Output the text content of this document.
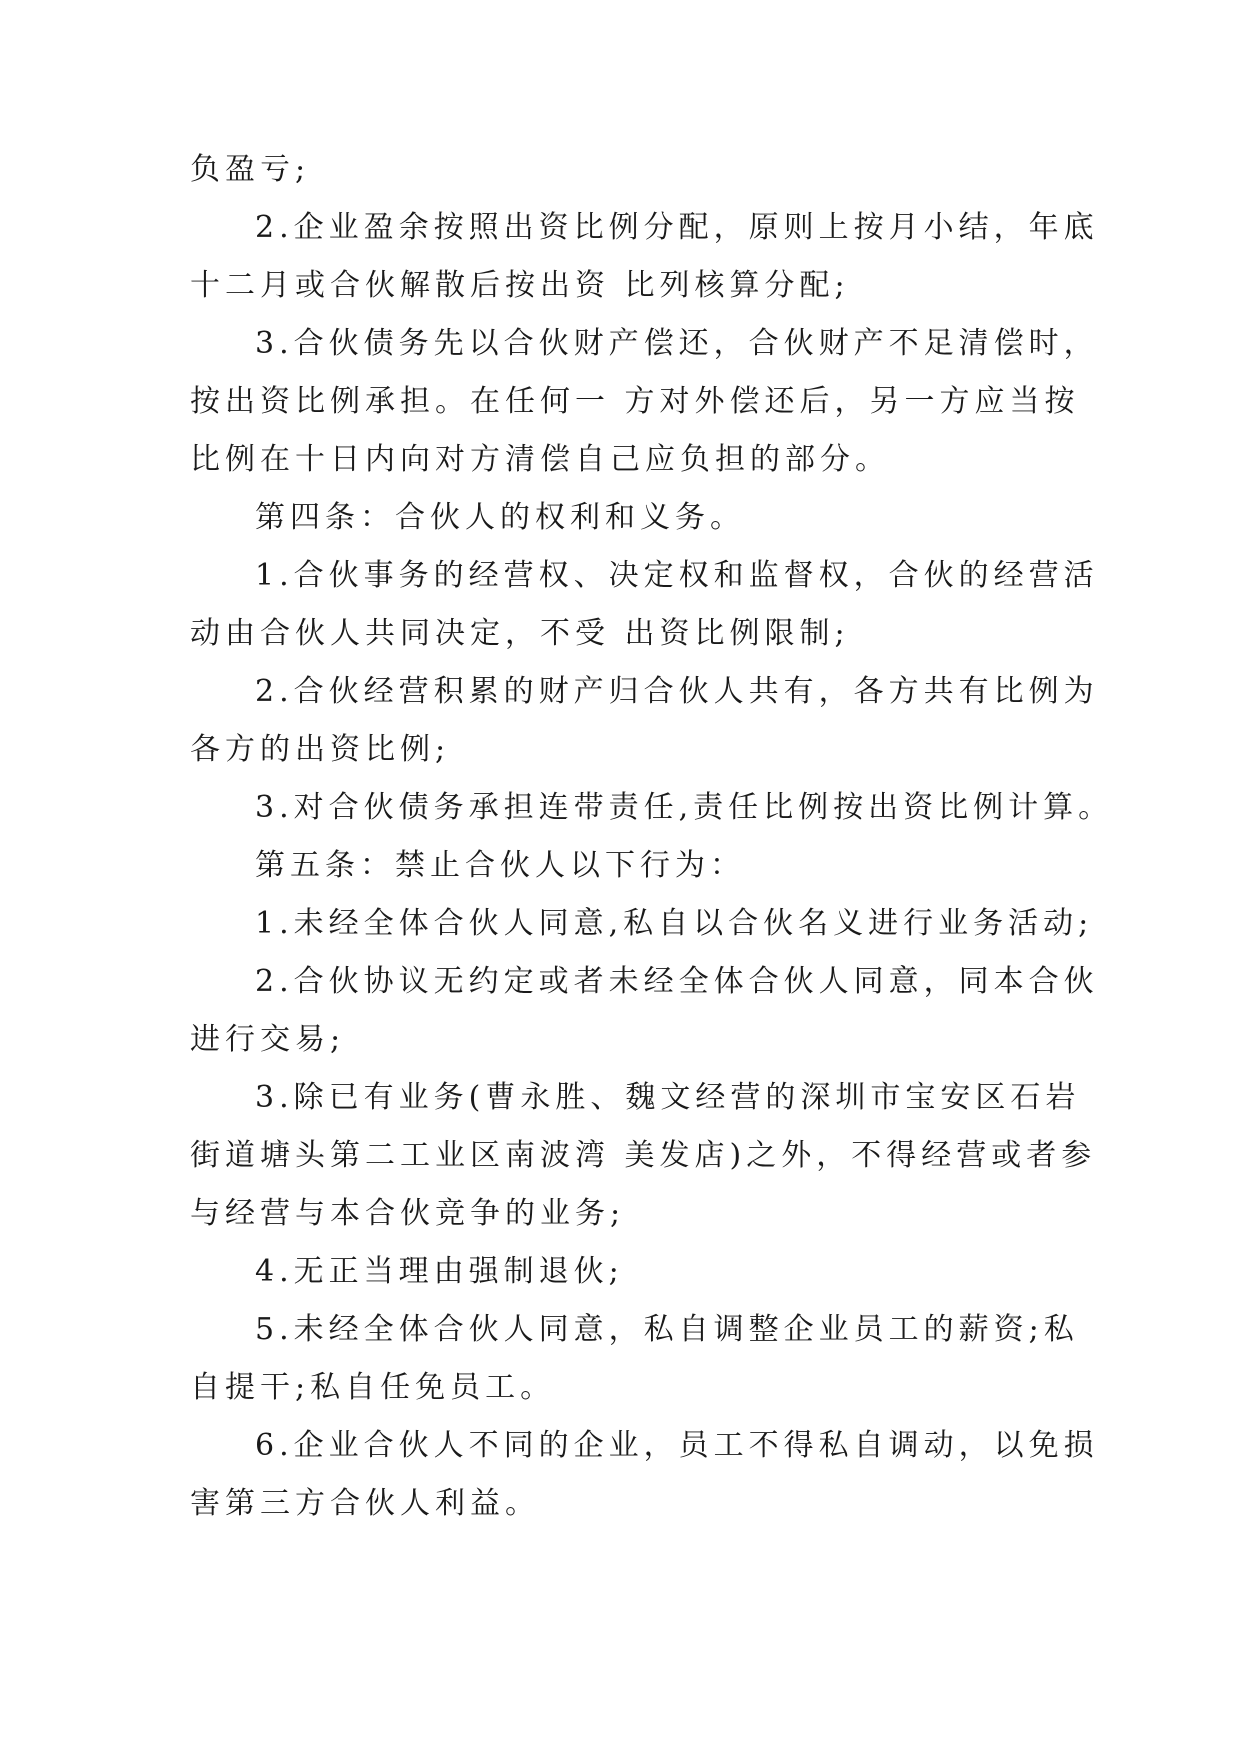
负盈亏;
2.企业盈余按照出资比例分配，原则上按月小结，年底
十二月或合伙解散后按出资 比列核算分配;
3.合伙债务先以合伙财产偿还，合伙财产不足清偿时，
按出资比例承担。在任何一 方对外偿还后，另一方应当按
比例在十日内向对方清偿自己应负担的部分。
第四条：合伙人的权利和义务。
1.合伙事务的经营权、决定权和监督权，合伙的经营活
动由合伙人共同决定，不受 出资比例限制;
2.合伙经营积累的财产归合伙人共有，各方共有比例为
各方的出资比例;
3.对合伙债务承担连带责任,责任比例按出资比例计算。
第五条：禁止合伙人以下行为：
1.未经全体合伙人同意,私自以合伙名义进行业务活动;
2.合伙协议无约定或者未经全体合伙人同意，同本合伙
进行交易;
3.除已有业务(曹永胜、魏文经营的深圳市宝安区石岩
街道塘头第二工业区南波湾 美发店)之外，不得经营或者参
与经营与本合伙竞争的业务;
4.无正当理由强制退伙;
5.未经全体合伙人同意，私自调整企业员工的薪资;私
自提干;私自任免员工。
6.企业合伙人不同的企业，员工不得私自调动，以免损
害第三方合伙人利益。
